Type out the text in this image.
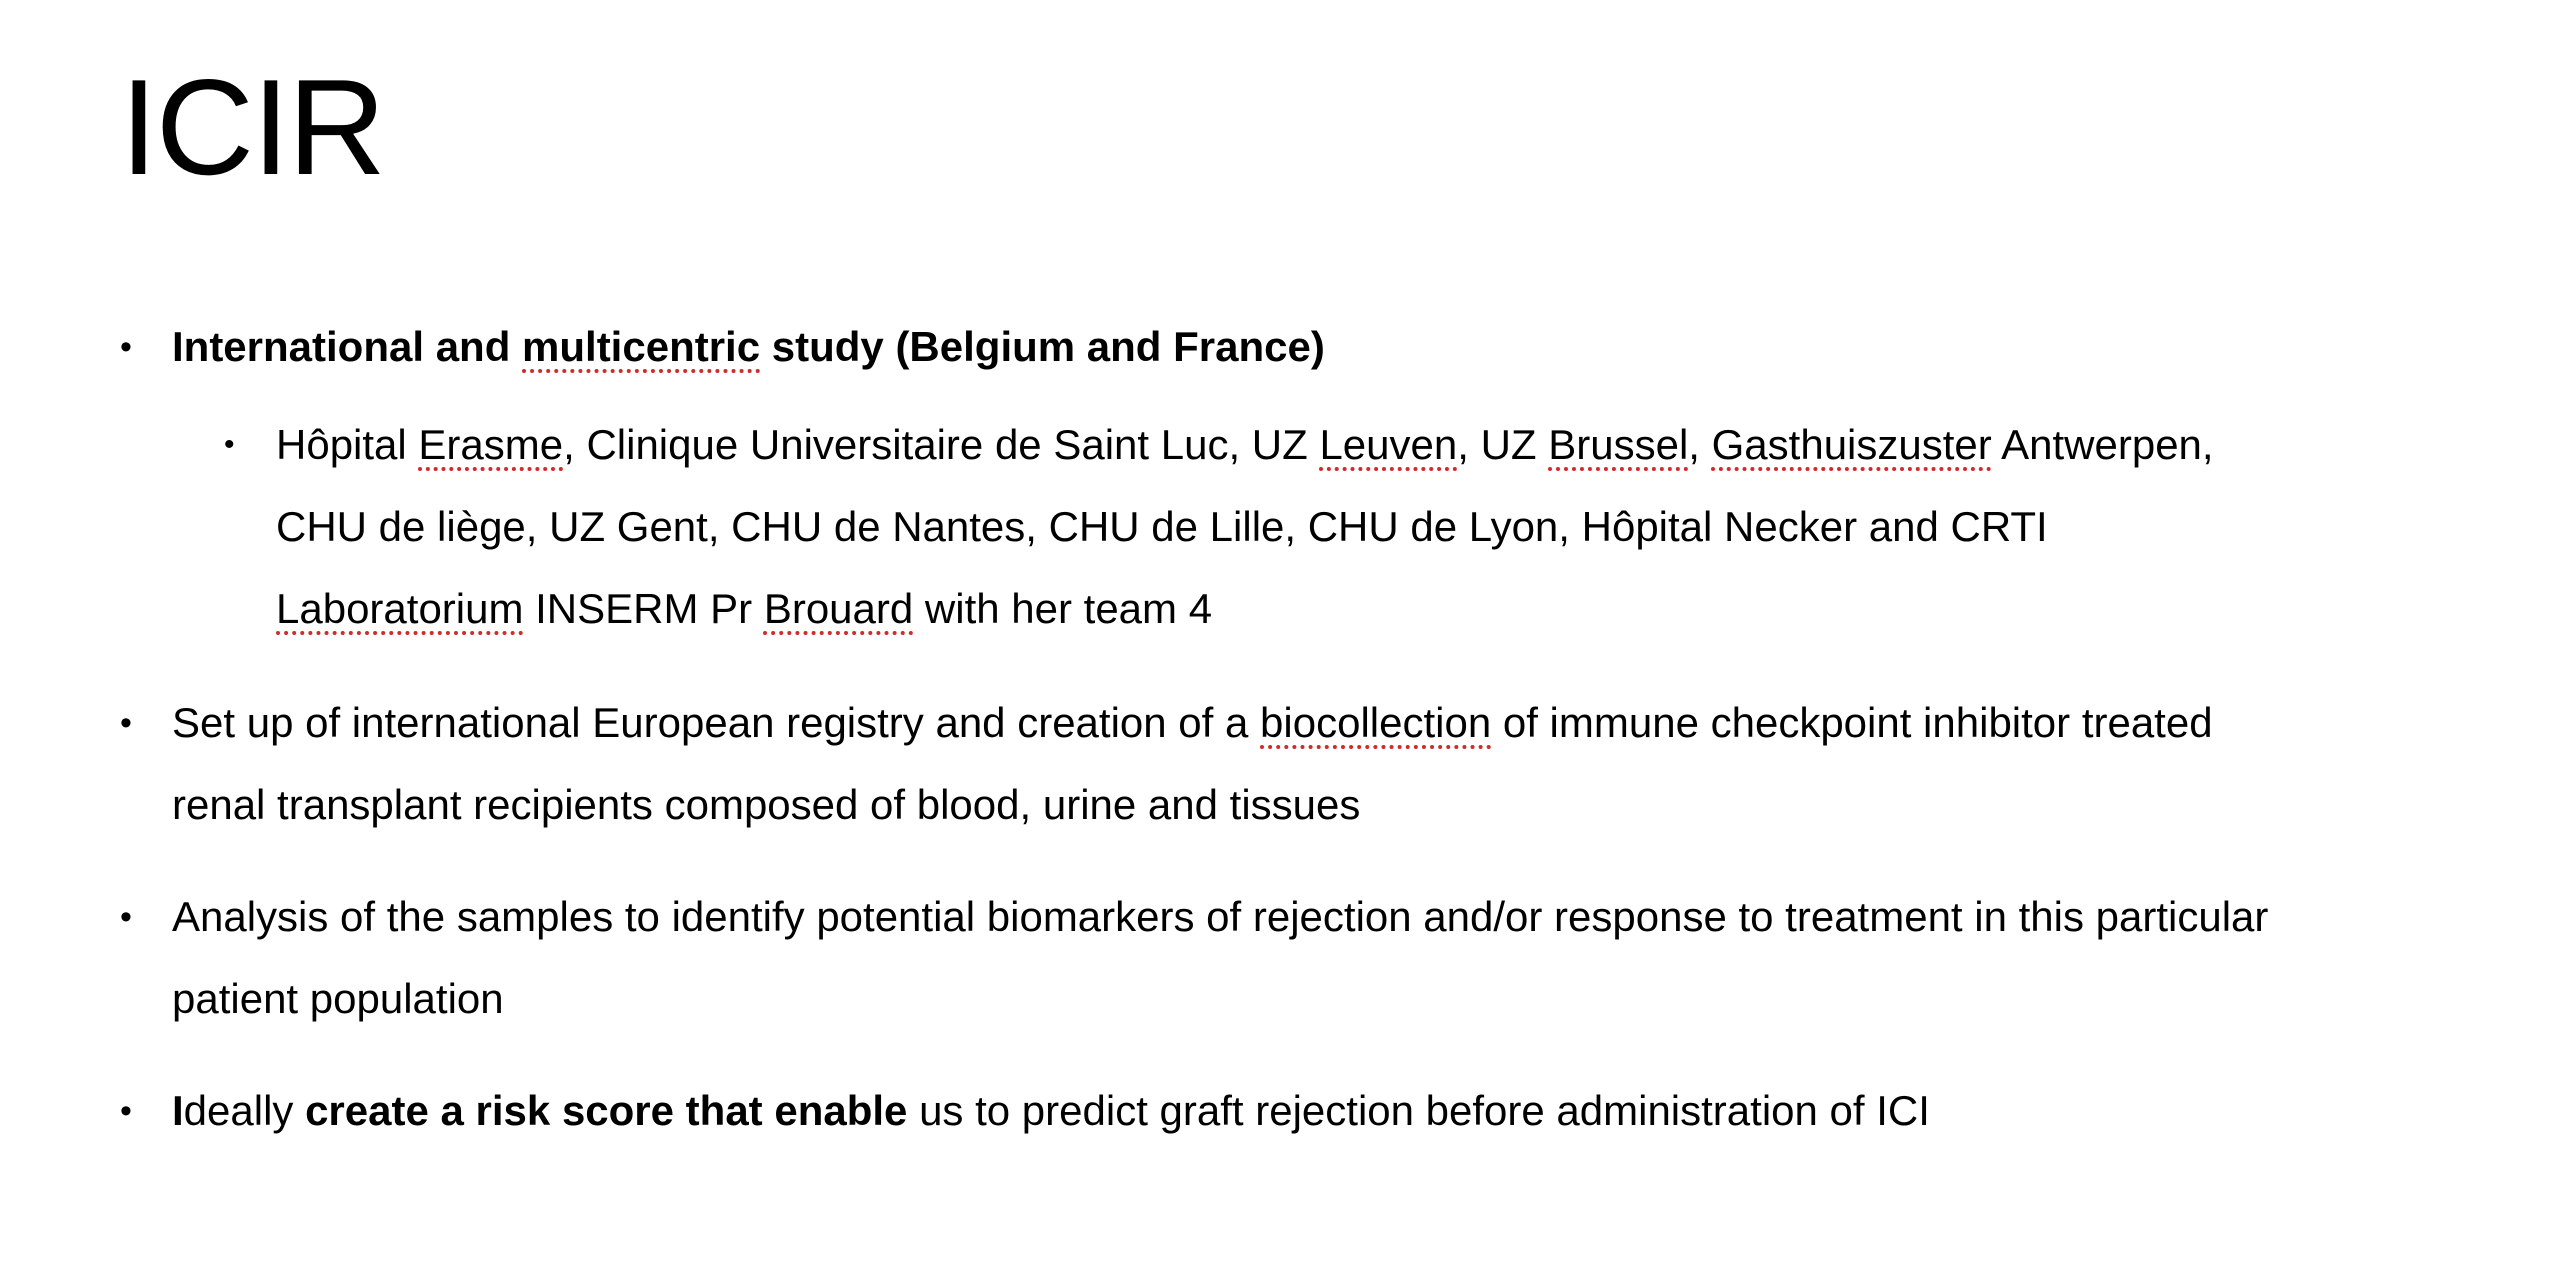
ICIR
• International and multicentric study (Belgium and France)
• Hôpital Erasme, Clinique Universitaire de Saint Luc, UZ Leuven, UZ Brussel, Gasthuiszuster Antwerpen,
CHU de liège, UZ Gent, CHU de Nantes, CHU de Lille, CHU de Lyon, Hôpital Necker and CRTI
Laboratorium INSERM Pr Brouard with her team 4
• Set up of international European registry and creation of a biocollection of immune checkpoint inhibitor treated
renal transplant recipients composed of blood, urine and tissues
• Analysis of the samples to identify potential biomarkers of rejection and/or response to treatment in this particular
patient population
• Ideally create a risk score that enable us to predict graft rejection before administration of ICI
